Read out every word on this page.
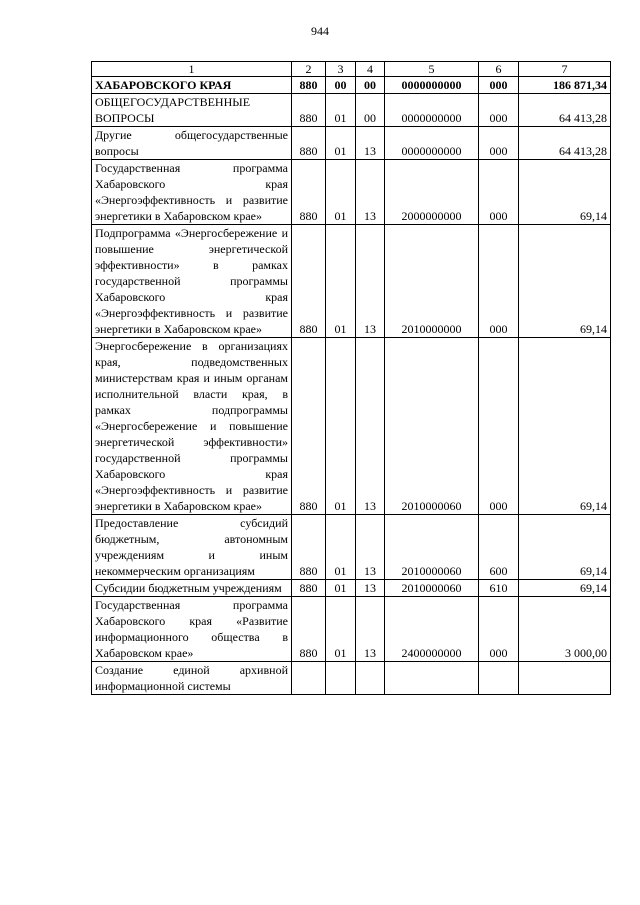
944
1	2	3	4	5	6	7
ХАБАРОВСКОГО КРАЯ	880	00	00	0000000000	000	186 871,34
ОБЩЕГОСУДАРСТВЕННЫЕ ВОПРОСЫ	880	01	00	0000000000	000	64 413,28
Другие общегосударственные вопросы	880	01	13	0000000000	000	64 413,28
Государственная программа Хабаровского края «Энергоэффективность и развитие энергетики в Хабаровском крае»	880	01	13	2000000000	000	69,14
Подпрограмма «Энергосбережение и повышение энергетической эффективности» в рамках государственной программы Хабаровского края «Энергоэффективность и развитие энергетики в Хабаровском крае»	880	01	13	2010000000	000	69,14
Энергосбережение в организациях края, подведомственных министерствам края и иным органам исполнительной власти края, в рамках подпрограммы «Энергосбережение и повышение энергетической эффективности» государственной программы Хабаровского края «Энергоэффективность и развитие энергетики в Хабаровском крае»	880	01	13	2010000060	000	69,14
Предоставление субсидий бюджетным, автономным учреждениям и иным некоммерческим организациям	880	01	13	2010000060	600	69,14
Субсидии бюджетным учреждениям	880	01	13	2010000060	610	69,14
Государственная программа Хабаровского края «Развитие информационного общества в Хабаровском крае»	880	01	13	2400000000	000	3 000,00
Создание единой архивной информационной системы						
